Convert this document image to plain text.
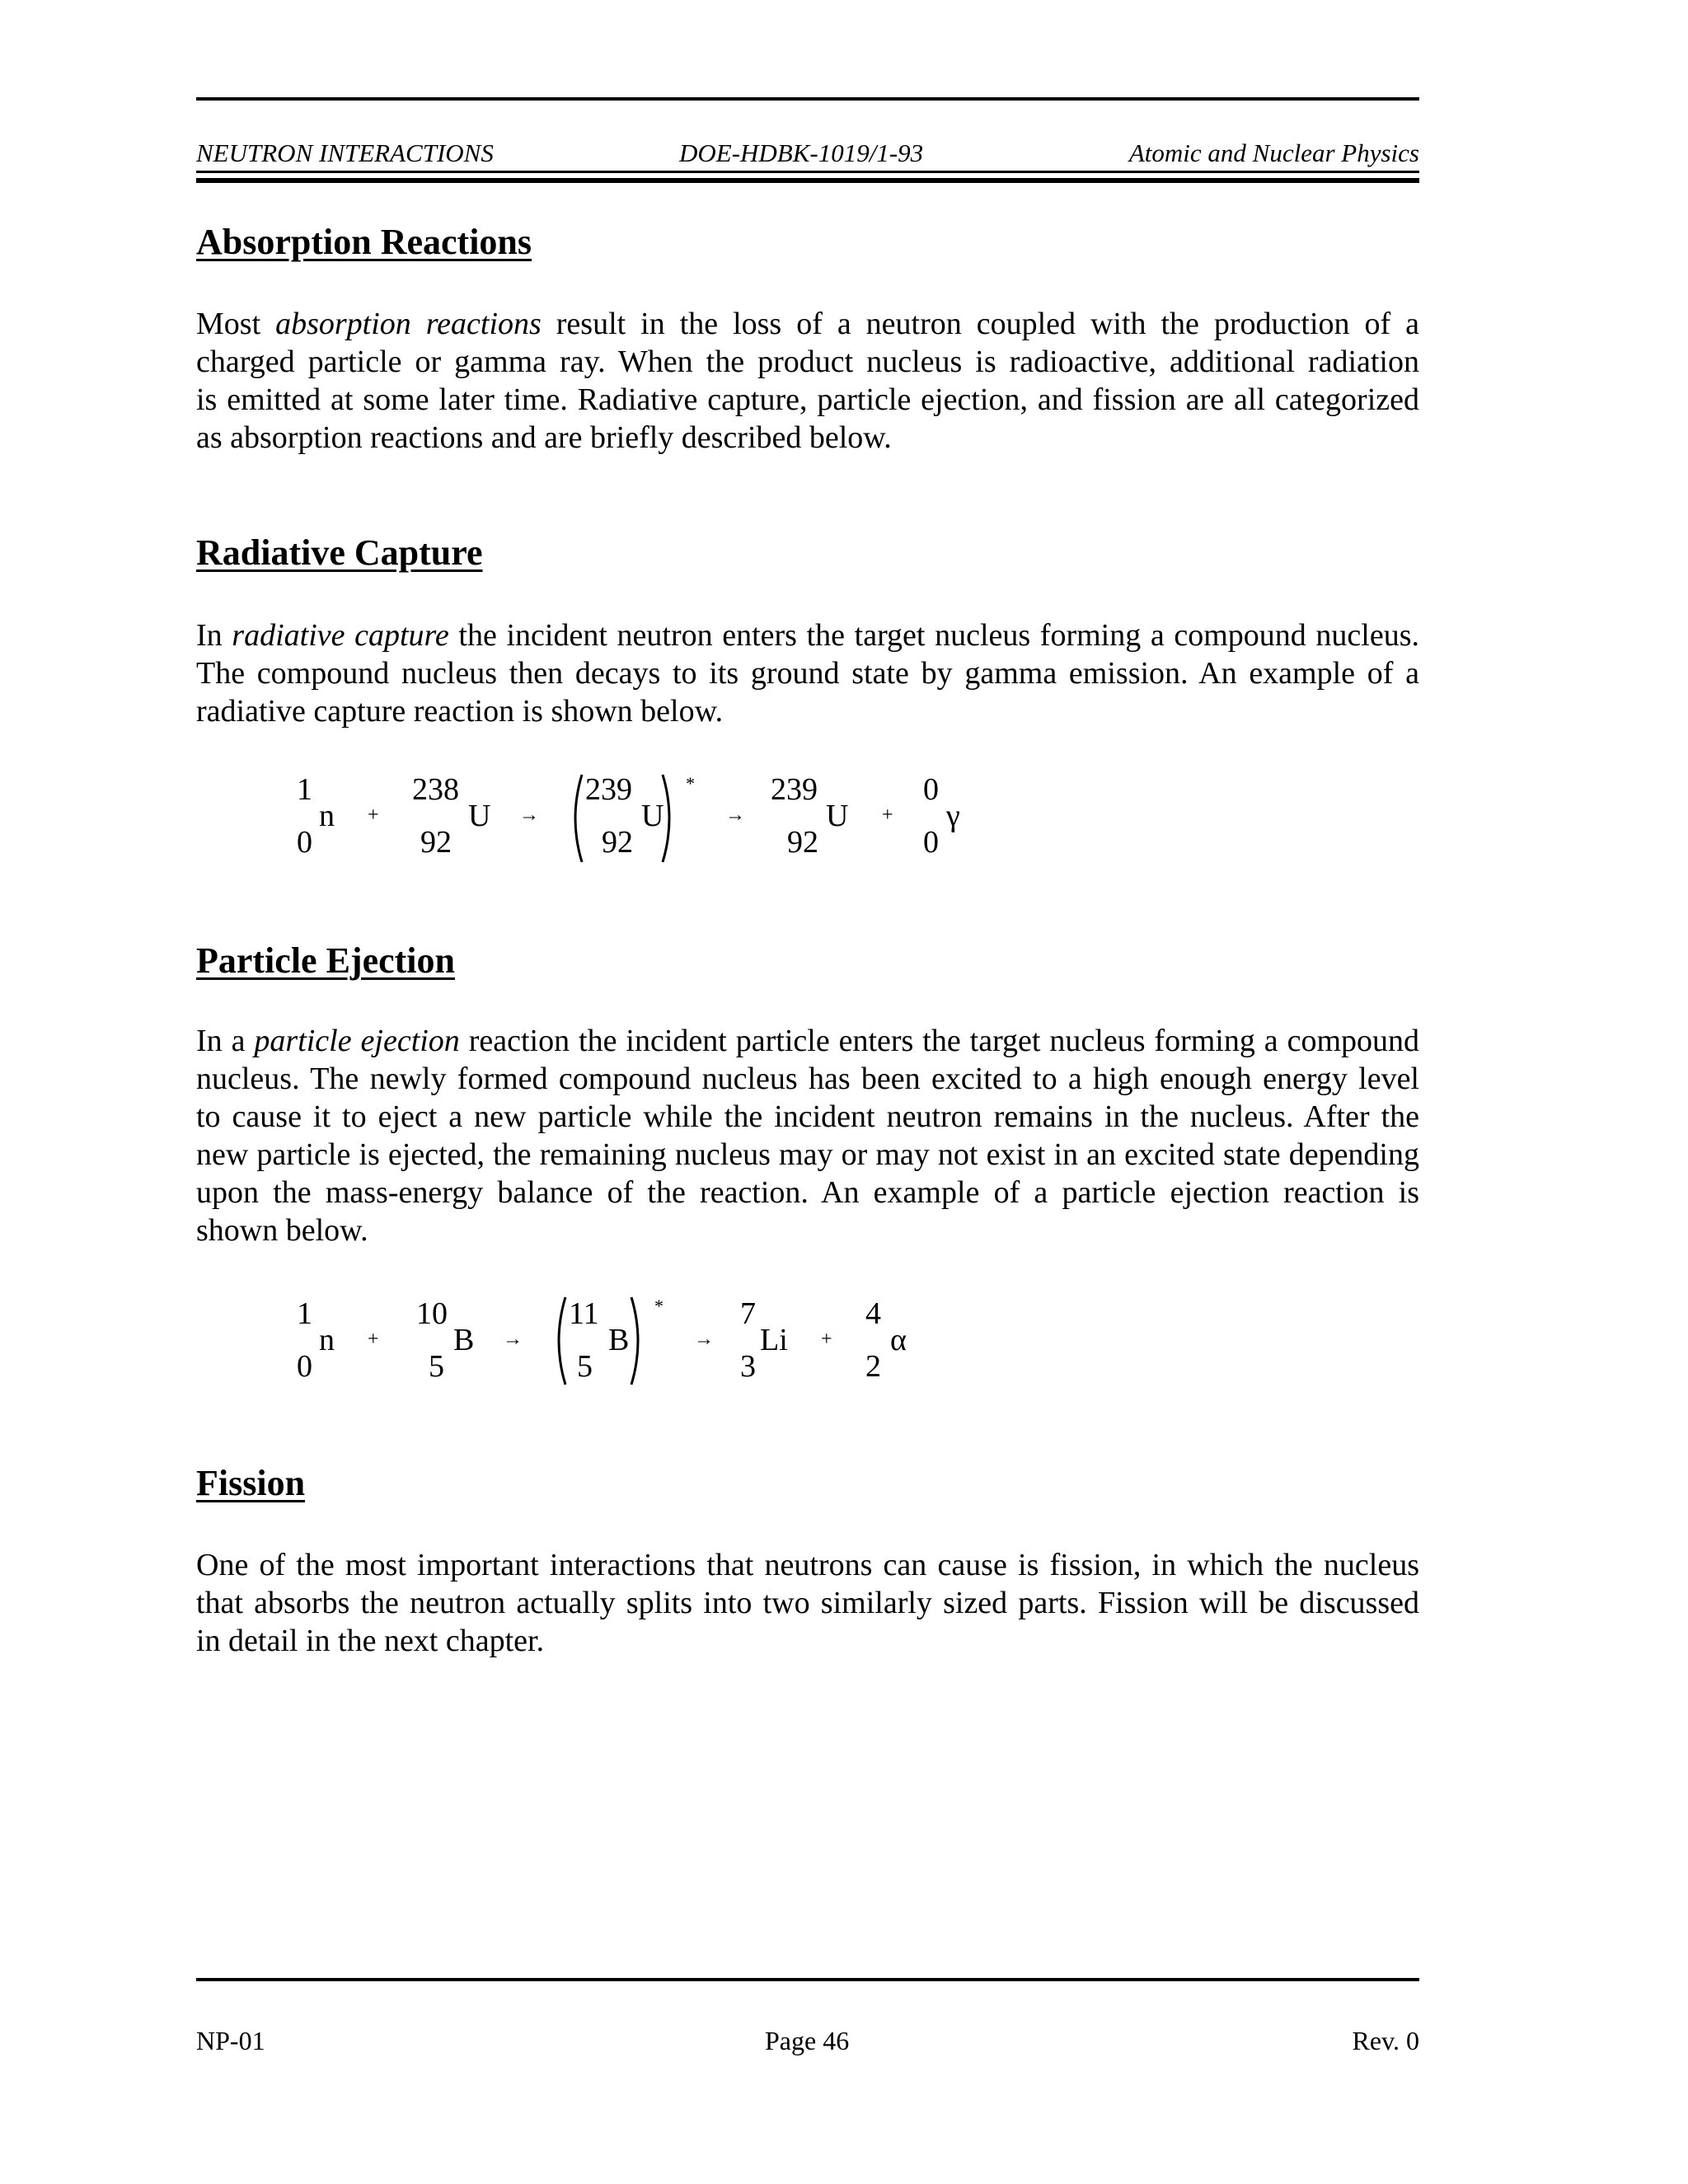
NEUTRON INTERACTIONS	DOE-HDBK-1019/1-93	Atomic and Nuclear Physics
Absorption Reactions
Most absorption reactions result in the loss of a neutron coupled with the production of a
charged particle or gamma ray. When the product nucleus is radioactive, additional radiation
is emitted at some later time. Radiative capture, particle ejection, and fission are all categorized
as absorption reactions and are briefly described below.
Radiative Capture
In radiative capture the incident neutron enters the target nucleus forming a compound nucleus.
The compound nucleus then decays to its ground state by gamma emission. An example of a
radiative capture reaction is shown below.
1
n
0
+
238
U
92
→
239
U
92
*
→
239
U
92
+
0
γ
0
Particle Ejection
In a particle ejection reaction the incident particle enters the target nucleus forming a compound
nucleus. The newly formed compound nucleus has been excited to a high enough energy level
to cause it to eject a new particle while the incident neutron remains in the nucleus. After the
new particle is ejected, the remaining nucleus may or may not exist in an excited state depending
upon the mass-energy balance of the reaction. An example of a particle ejection reaction is
shown below.
1
n
0
+
10
B
5
→
11
B
5
*
→
7
Li
3
+
4
α
2
Fission
One of the most important interactions that neutrons can cause is fission, in which the nucleus
that absorbs the neutron actually splits into two similarly sized parts. Fission will be discussed
in detail in the next chapter.
NP-01	Page 46	Rev. 0
